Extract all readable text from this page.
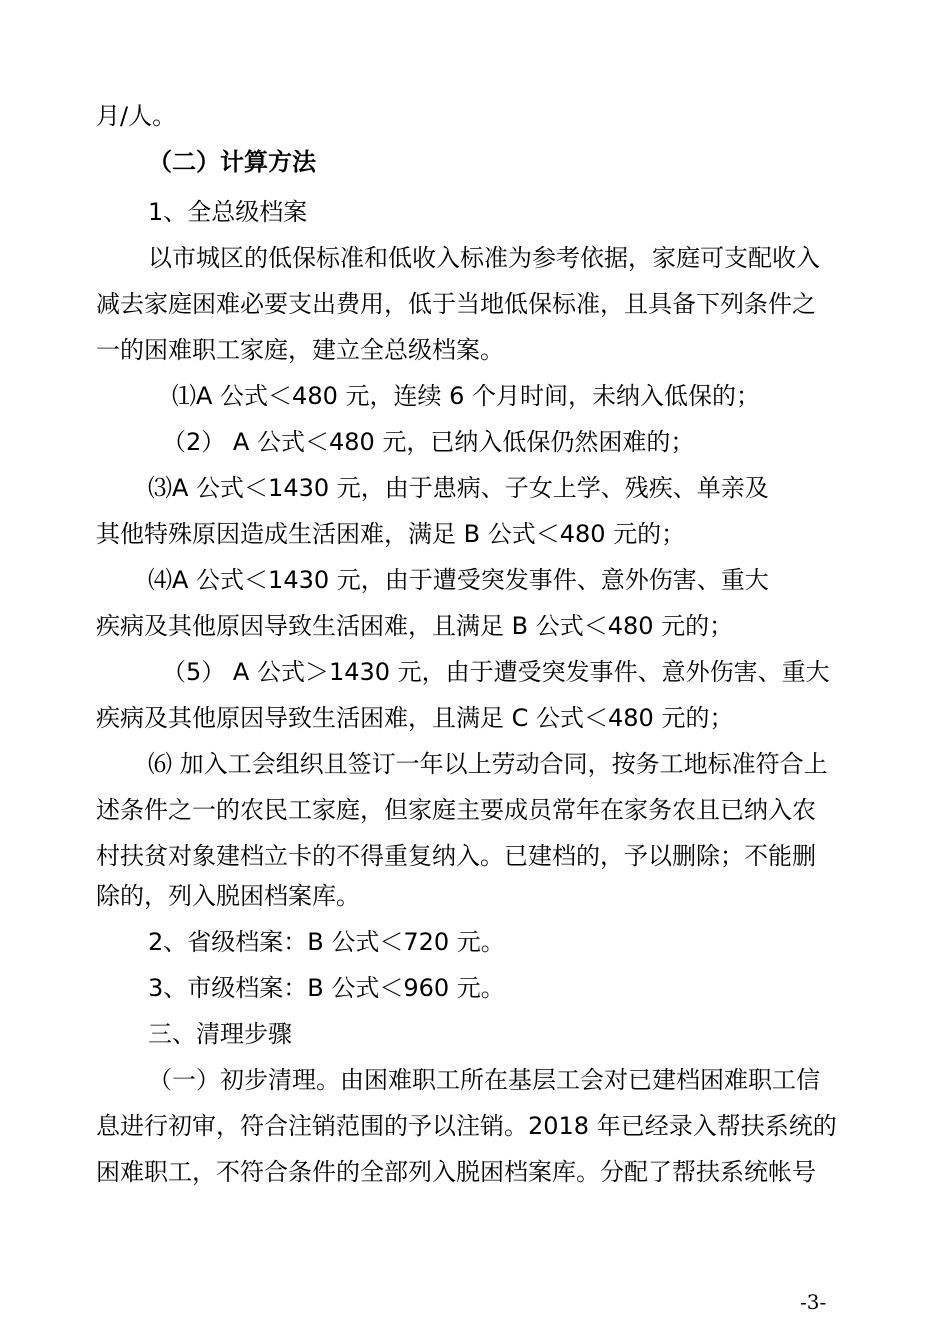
月/人。
（二）计算方法
1、全总级档案
以市城区的低保标准和低收入标准为参考依据，家庭可支配收入
减去家庭困难必要支出费用，低于当地低保标准，且具备下列条件之
一的困难职工家庭，建立全总级档案。
⑴A 公式＜480 元，连续 6 个月时间，未纳入低保的；
（2） A 公式＜480 元，已纳入低保仍然困难的；
⑶A 公式＜1430 元，由于患病、子女上学、残疾、单亲及
其他特殊原因造成生活困难，满足 B 公式＜480 元的；
⑷A 公式＜1430 元，由于遭受突发事件、意外伤害、重大
疾病及其他原因导致生活困难，且满足 B 公式＜480 元的；
（5） A 公式＞1430 元，由于遭受突发事件、意外伤害、重大
疾病及其他原因导致生活困难，且满足 C 公式＜480 元的；
⑹ 加入工会组织且签订一年以上劳动合同，按务工地标准符合上
述条件之一的农民工家庭，但家庭主要成员常年在家务农且已纳入农
村扶贫对象建档立卡的不得重复纳入。已建档的，予以删除；不能删
除的，列入脱困档案库。
2、省级档案：B 公式＜720 元。
3、市级档案：B 公式＜960 元。
三、清理步骤
（一）初步清理。由困难职工所在基层工会对已建档困难职工信
息进行初审，符合注销范围的予以注销。2018 年已经录入帮扶系统的
困难职工，不符合条件的全部列入脱困档案库。分配了帮扶系统帐号
-3-
